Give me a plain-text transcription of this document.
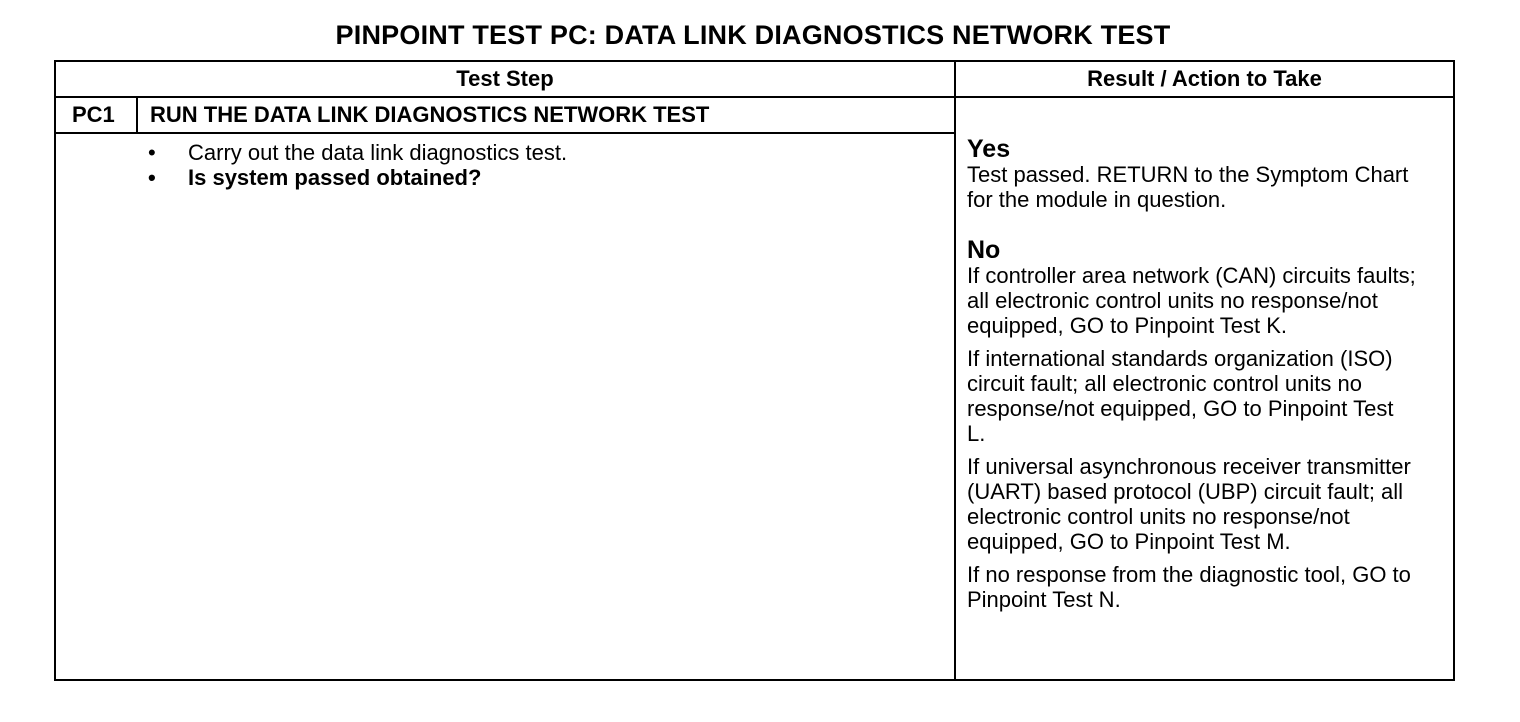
PINPOINT TEST PC: DATA LINK DIAGNOSTICS NETWORK TEST
Test Step	Result / Action to Take
PC1 RUN THE DATA LINK DIAGNOSTICS NETWORK TEST
• Carry out the data link diagnostics test.
• Is system passed obtained?
Yes

Test passed. RETURN to the Symptom Chart for the module in question.

No

If controller area network (CAN) circuits faults; all electronic control units no response/not equipped, GO to Pinpoint Test K.

If international standards organization (ISO) circuit fault; all electronic control units no response/not equipped, GO to Pinpoint Test L.

If universal asynchronous receiver transmitter (UART) based protocol (UBP) circuit fault; all electronic control units no response/not equipped, GO to Pinpoint Test M.

If no response from the diagnostic tool, GO to Pinpoint Test N.
